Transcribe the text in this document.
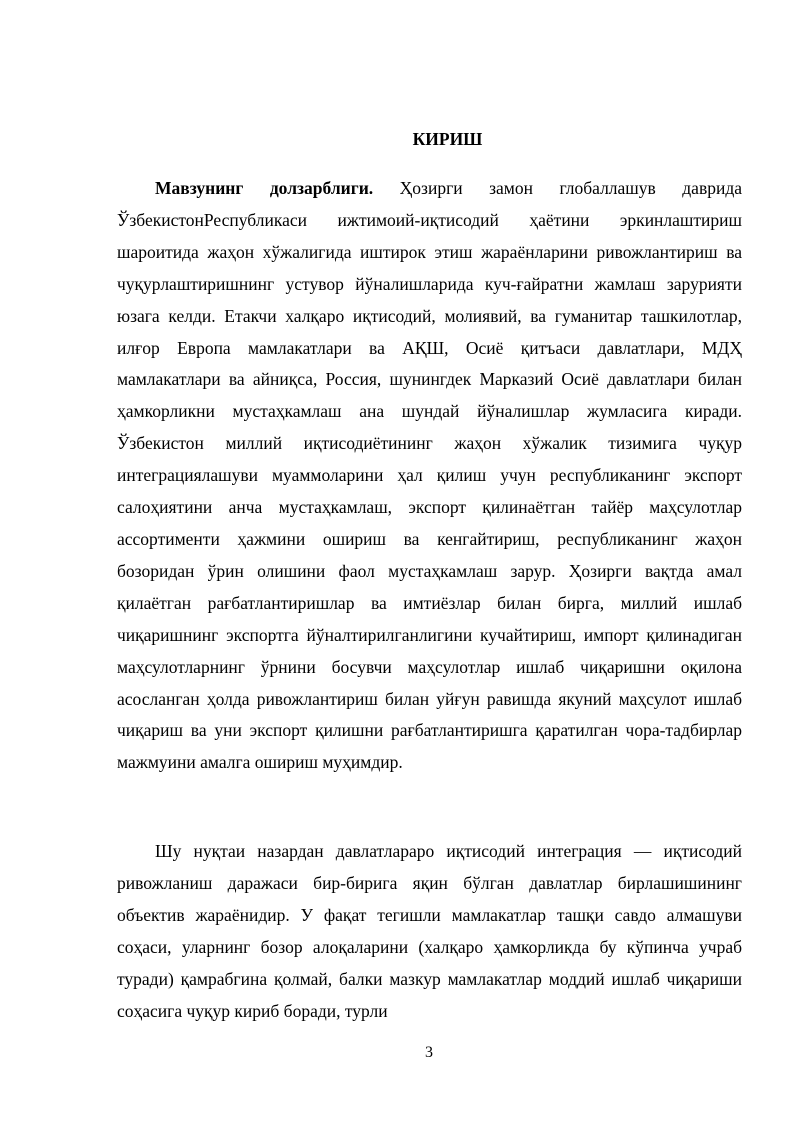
КИРИШ

Мавзунинг долзарблиги. Ҳозирги замон глобаллашув даврида ЎзбекистонРеспубликаси ижтимоий-иқтисодий ҳаётини эркинлаштириш шароитида жаҳон хўжалигида иштирок этиш жараёнларини ривожлантириш ва чуқурлаштиришнинг устувор йўналишларида куч-ғайратни жамлаш зарурияти юзага келди. Етакчи халқаро иқтисодий, молиявий, ва гуманитар ташкилотлар, илғор Европа мамлакатлари ва АҚШ, Осиё қитъаси давлатлари, МДҲ мамлакатлари ва айниқса, Россия, шунингдек Марказий Осиё давлатлари билан ҳамкорликни мустаҳкамлаш ана шундай йўналишлар жумласига киради. Ўзбекистон миллий иқтисодиётининг жаҳон хўжалик тизимига чуқур интеграциялашуви муаммоларини ҳал қилиш учун республиканинг экспорт салоҳиятини анча мустаҳкамлаш, экспорт қилинаётган тайёр маҳсулотлар ассортименти ҳажмини ошириш ва кенгайтириш, республиканинг жаҳон бозоридан ўрин олишини фаол мустаҳкамлаш зарур. Ҳозирги вақтда амал қилаётган рағбатлантиришлар ва имтиёзлар билан бирга, миллий ишлаб чиқаришнинг экспортга йўналтирилганлигини кучайтириш, импорт қилинадиган маҳсулотларнинг ўрнини босувчи маҳсулотлар ишлаб чиқаришни оқилона асосланган ҳолда ривожлантириш билан уйғун равишда якуний маҳсулот ишлаб чиқариш ва уни экспорт қилишни рағбатлантиришга қаратилган чора-тадбирлар мажмуини амалга ошириш муҳимдир.

Шу нуқтаи назардан давлатлараро иқтисодий интеграция — иқтисодий ривожланиш даражаси бир-бирига яқин бўлган давлатлар бирлашишининг объектив жараёнидир. У фақат тегишли мамлакатлар ташқи савдо алмашуви соҳаси, уларнинг бозор алоқаларини (халқаро ҳамкорликда бу кўпинча учраб туради) қамрабгина қолмай, балки мазкур мамлакатлар моддий ишлаб чиқариши соҳасига чуқур кириб боради, турли

3
